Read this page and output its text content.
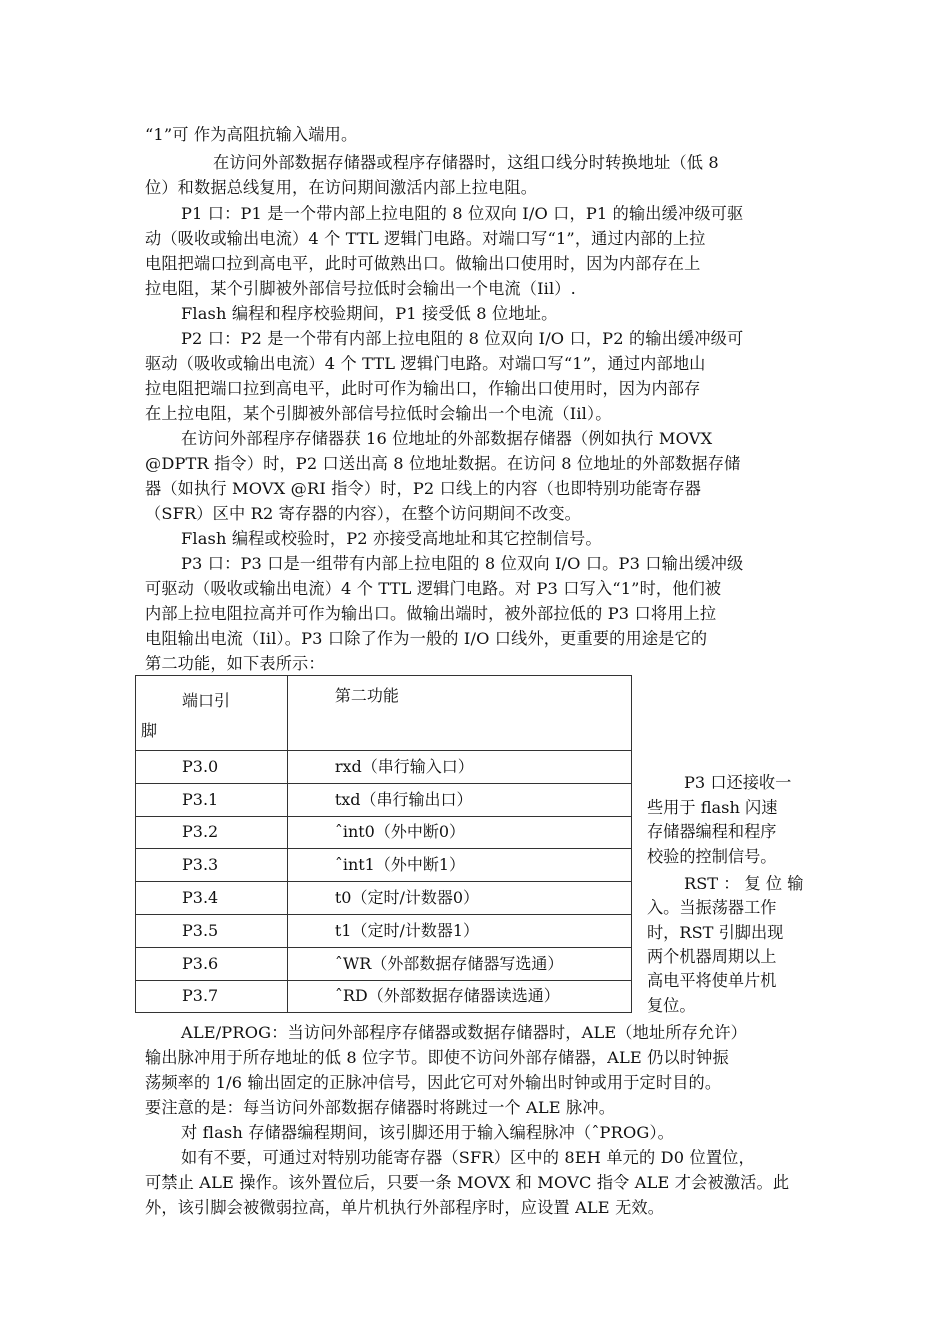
“1”可 作为高阻抗输入端用。
在访问外部数据存储器或程序存储器时，这组口线分时转换地址（低 8
位）和数据总线复用，在访问期间激活内部上拉电阻。
P1 口：P1 是一个带内部上拉电阻的 8 位双向 I/O 口，P1 的输出缓冲级可驱
动（吸收或输出电流）4 个 TTL 逻辑门电路。对端口写“1”，通过内部的上拉
电阻把端口拉到高电平，此时可做熟出口。做输出口使用时，因为内部存在上
拉电阻，某个引脚被外部信号拉低时会输出一个电流（Iil）.
Flash 编程和程序校验期间，P1 接受低 8 位地址。
P2 口：P2 是一个带有内部上拉电阻的 8 位双向 I/O 口，P2 的输出缓冲级可
驱动（吸收或输出电流）4 个 TTL 逻辑门电路。对端口写“1”，通过内部地山
拉电阻把端口拉到高电平，此时可作为输出口，作输出口使用时，因为内部存
在上拉电阻，某个引脚被外部信号拉低时会输出一个电流（Iil）。
在访问外部程序存储器获 16 位地址的外部数据存储器（例如执行 MOVX
@DPTR 指令）时，P2 口送出高 8 位地址数据。在访问 8 位地址的外部数据存储
器（如执行 MOVX @RI 指令）时，P2 口线上的内容（也即特别功能寄存器
（SFR）区中 R2 寄存器的内容），在整个访问期间不改变。
Flash 编程或校验时，P2 亦接受高地址和其它控制信号。
P3 口：P3 口是一组带有内部上拉电阻的 8 位双向 I/O 口。P3 口输出缓冲级
可驱动（吸收或输出电流）4 个 TTL 逻辑门电路。对 P3 口写入“1”时，他们被
内部上拉电阻拉高并可作为输出口。做输出端时，被外部拉低的 P3 口将用上拉
电阻输出电流（Iil）。P3 口除了作为一般的 I/O 口线外，更重要的用途是它的
第二功能，如下表所示：
端口引
脚	第二功能
P3.0	rxd（串行输入口）
P3.1	txd（串行输出口）
P3.2	ˆint0（外中断0）
P3.3	ˆint1（外中断1）
P3.4	t0（定时/计数器0）
P3.5	t1（定时/计数器1）
P3.6	ˆWR（外部数据存储器写选通）
P3.7	ˆRD（外部数据存储器读选通）
P3 口还接收一
些用于 flash 闪速
存储器编程和程序
校验的控制信号。
RST ： 复 位 输
入。当振荡器工作
时，RST 引脚出现
两个机器周期以上
高电平将使单片机
复位。
ALE/PROG：当访问外部程序存储器或数据存储器时，ALE（地址所存允许）
输出脉冲用于所存地址的低 8 位字节。即使不访问外部存储器，ALE 仍以时钟振
荡频率的 1/6 输出固定的正脉冲信号，因此它可对外输出时钟或用于定时目的。
要注意的是：每当访问外部数据存储器时将跳过一个 ALE 脉冲。
对 flash 存储器编程期间，该引脚还用于输入编程脉冲（ˆPROG）。
如有不要，可通过对特别功能寄存器（SFR）区中的 8EH 单元的 D0 位置位，
可禁止 ALE 操作。该外置位后，只要一条 MOVX 和 MOVC 指令 ALE 才会被激活。此
外，该引脚会被微弱拉高，单片机执行外部程序时，应设置 ALE 无效。
